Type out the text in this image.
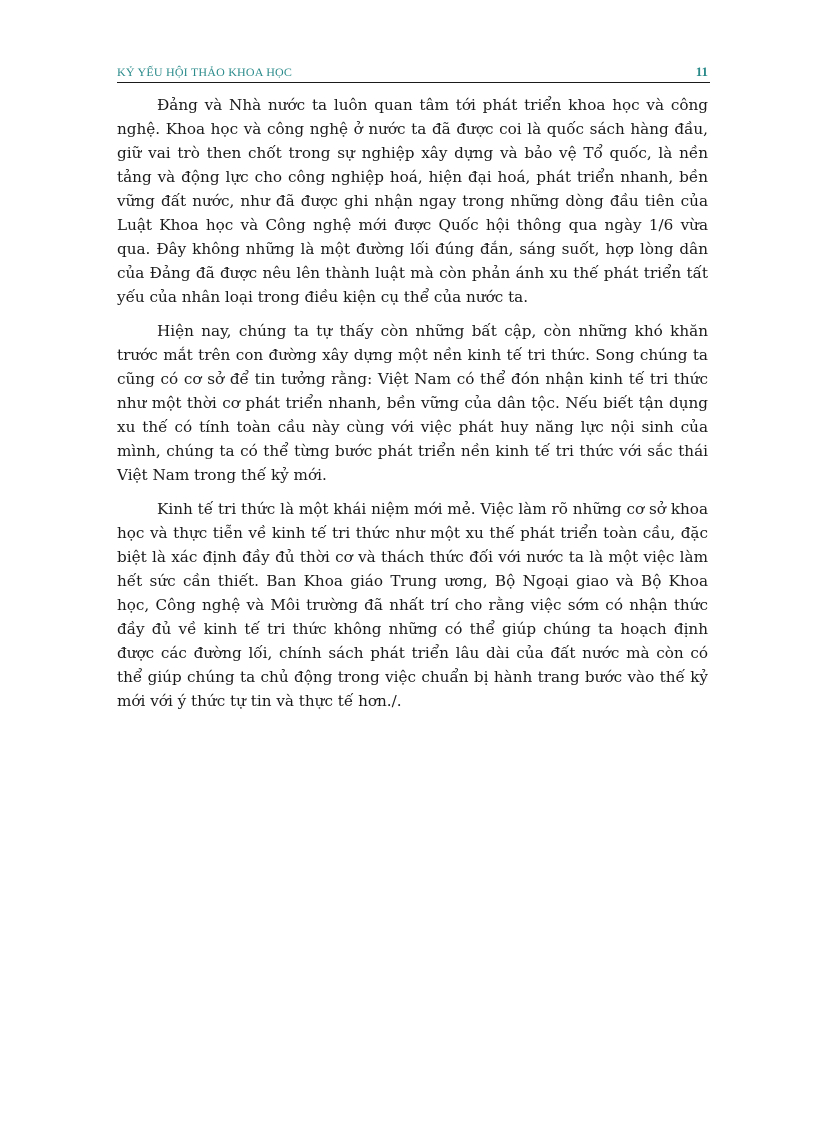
KỶ YẾU HỘI THẢO KHOA HỌC	11

Đảng và Nhà nước ta luôn quan tâm tới phát triển khoa học và công nghệ. Khoa học và công nghệ ở nước ta đã được coi là quốc sách hàng đầu, giữ vai trò then chốt trong sự nghiệp xây dựng và bảo vệ Tổ quốc, là nền tảng và động lực cho công nghiệp hoá, hiện đại hoá, phát triển nhanh, bền vững đất nước, như đã được ghi nhận ngay trong những dòng đầu tiên của Luật Khoa học và Công nghệ mới được Quốc hội thông qua ngày 1/6 vừa qua. Đây không những là một đường lối đúng đắn, sáng suốt, hợp lòng dân của Đảng đã được nêu lên thành luật mà còn phản ánh xu thế phát triển tất yếu của nhân loại trong điều kiện cụ thể của nước ta.

Hiện nay, chúng ta tự thấy còn những bất cập, còn những khó khăn trước mắt trên con đường xây dựng một nền kinh tế tri thức. Song chúng ta cũng có cơ sở để tin tưởng rằng: Việt Nam có thể đón nhận kinh tế tri thức như một thời cơ phát triển nhanh, bền vững của dân tộc. Nếu biết tận dụng xu thế có tính toàn cầu này cùng với việc phát huy năng lực nội sinh của mình, chúng ta có thể từng bước phát triển nền kinh tế tri thức với sắc thái Việt Nam trong thế kỷ mới.

Kinh tế tri thức là một khái niệm mới mẻ. Việc làm rõ những cơ sở khoa học và thực tiễn về kinh tế tri thức như một xu thế phát triển toàn cầu, đặc biệt là xác định đầy đủ thời cơ và thách thức đối với nước ta là một việc làm hết sức cần thiết. Ban Khoa giáo Trung ương, Bộ Ngoại giao và Bộ Khoa học, Công nghệ và Môi trường đã nhất trí cho rằng việc sớm có nhận thức đầy đủ về kinh tế tri thức không những có thể giúp chúng ta hoạch định được các đường lối, chính sách phát triển lâu dài của đất nước mà còn có thể giúp chúng ta chủ động trong việc chuẩn bị hành trang bước vào thế kỷ mới với ý thức tự tin và thực tế hơn./.
